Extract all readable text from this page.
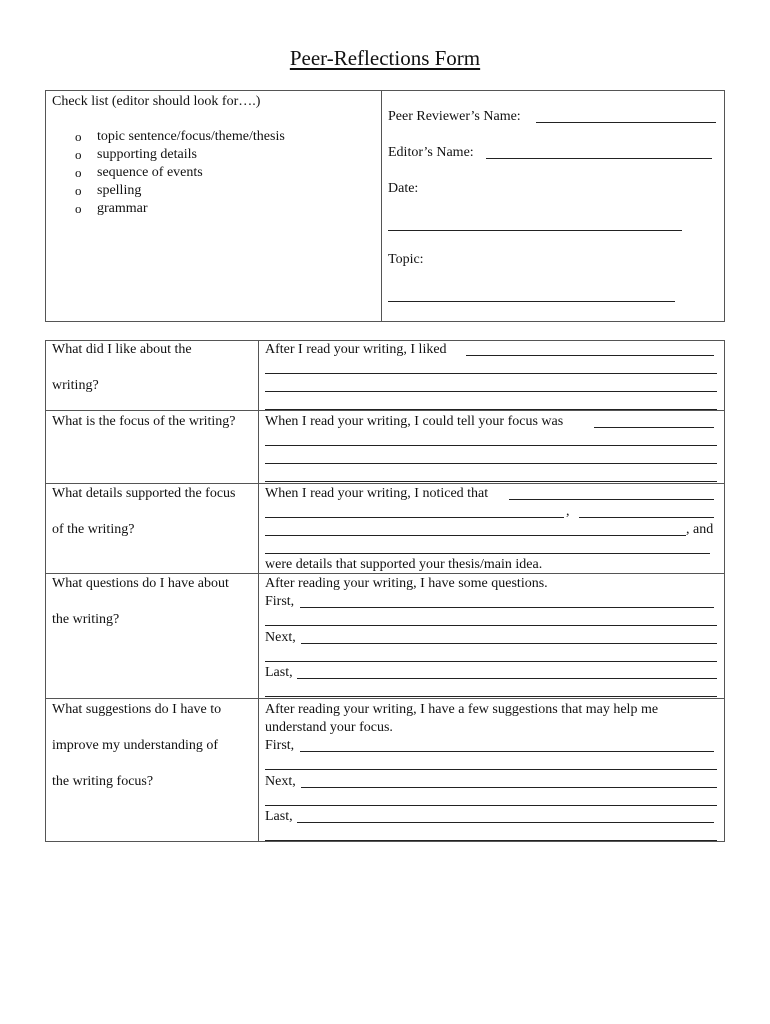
Peer-Reflections Form
Check list (editor should look for….)
o topic sentence/focus/theme/thesis
o supporting details
o sequence of events
o spelling
o grammar
Peer Reviewer’s Name:
Editor’s Name:
Date:
Topic:
What did I like about the
writing?
After I read your writing, I liked
What is the focus of the writing? When I read your writing, I could tell your focus was
What details supported the focus
of the writing?
When I read your writing, I noticed that
,
, and
were details that supported your thesis/main idea.
What questions do I have about
the writing?
After reading your writing, I have some questions.
First,
Next,
Last,
What suggestions do I have to
improve my understanding of
the writing focus?
After reading your writing, I have a few suggestions that may help me
understand your focus.
First,
Next,
Last,
